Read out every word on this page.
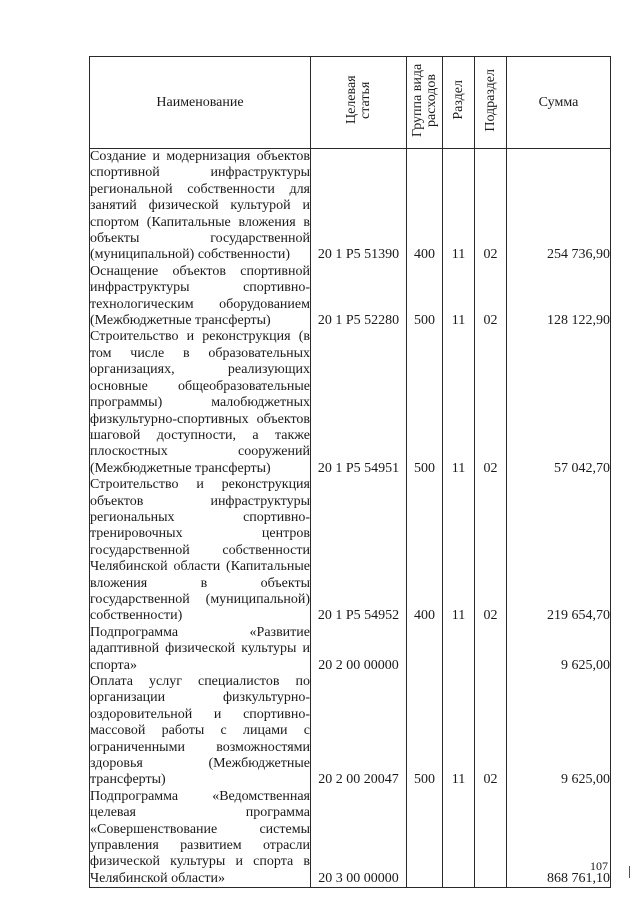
Наименование	Целевая статья	Группа вида расходов	Раздел	Подраздел	Сумма
Создание и модернизация объектов спортивной инфраструктуры региональной собственности для занятий физической культурой и спортом (Капитальные вложения в объекты государственной (муниципальной) собственности)	20 1 P5 51390	400	11	02	254 736,90
Оснащение объектов спортивной инфраструктуры спортивно-технологическим оборудованием (Межбюджетные трансферты)	20 1 P5 52280	500	11	02	128 122,90
Строительство и реконструкция (в том числе в образовательных организациях, реализующих основные общеобразовательные программы) малобюджетных физкультурно-спортивных объектов шаговой доступности, а также плоскостных сооружений (Межбюджетные трансферты)	20 1 P5 54951	500	11	02	57 042,70
Строительство и реконструкция объектов инфраструктуры региональных спортивно-тренировочных центров государственной собственности Челябинской области (Капитальные вложения в объекты государственной (муниципальной) собственности)	20 1 P5 54952	400	11	02	219 654,70
Подпрограмма «Развитие адаптивной физической культуры и спорта»	20 2 00 00000				9 625,00
Оплата услуг специалистов по организации физкультурно-оздоровительной и спортивно-массовой работы с лицами с ограниченными возможностями здоровья (Межбюджетные трансферты)	20 2 00 20047	500	11	02	9 625,00
Подпрограмма «Ведомственная целевая программа «Совершенствование системы управления развитием отрасли физической культуры и спорта в Челябинской области»	20 3 00 00000				868 761,10
107
